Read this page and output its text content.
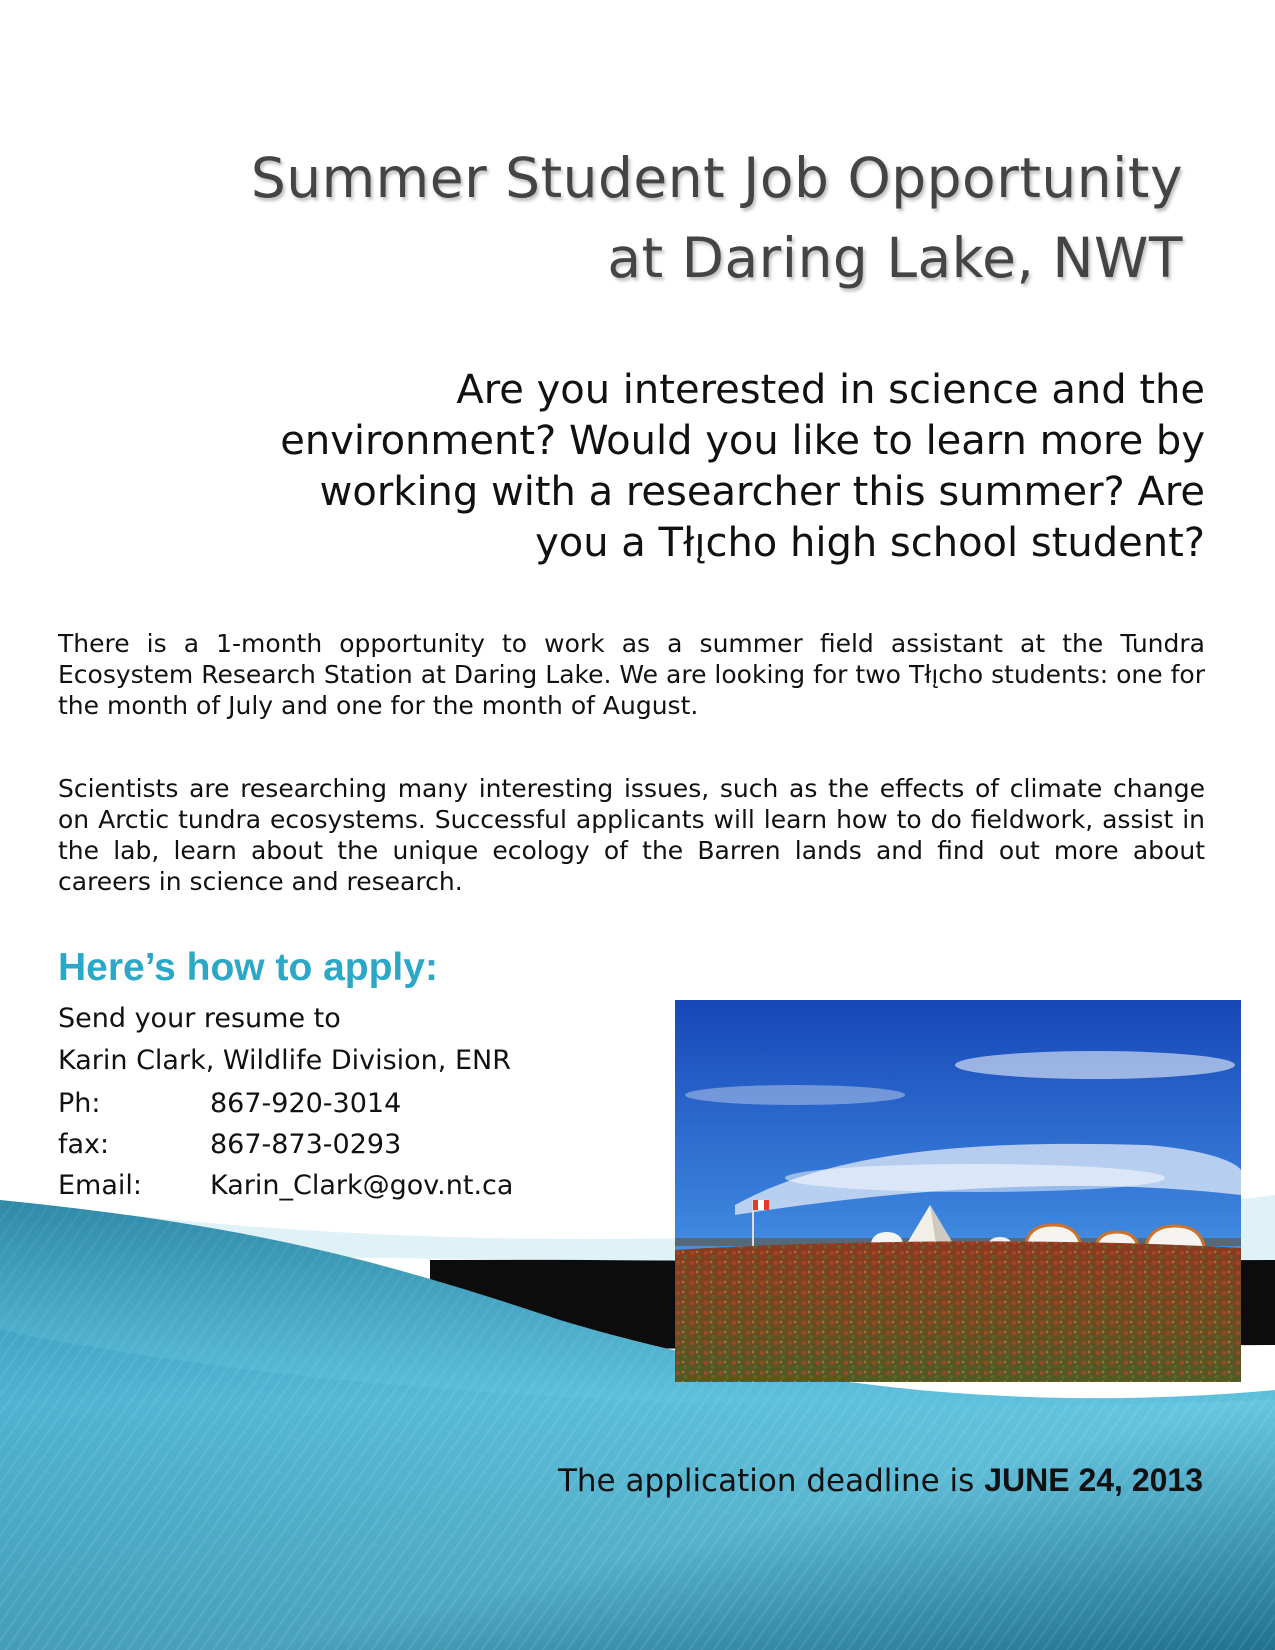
Summer Student Job Opportunity
at Daring Lake, NWT
Are you interested in science and the
environment? Would you like to learn more by
working with a researcher this summer? Are
you a Tłı̨cho high school student?
There is a 1-month opportunity to work as a summer field assistant at the Tundra Ecosystem Research Station at Daring Lake. We are looking for two Tłı̨cho students: one for the month of July and one for the month of August.
Scientists are researching many interesting issues, such as the effects of climate change on Arctic tundra ecosystems. Successful applicants will learn how to do fieldwork, assist in the lab, learn about the unique ecology of the Barren lands and find out more about careers in science and research.
Here’s how to apply:
Send your resume to
Karin Clark, Wildlife Division, ENR
Ph:	867-920-3014
fax:	867-873-0293
Email:	Karin_Clark@gov.nt.ca
The application deadline is JUNE 24, 2013
